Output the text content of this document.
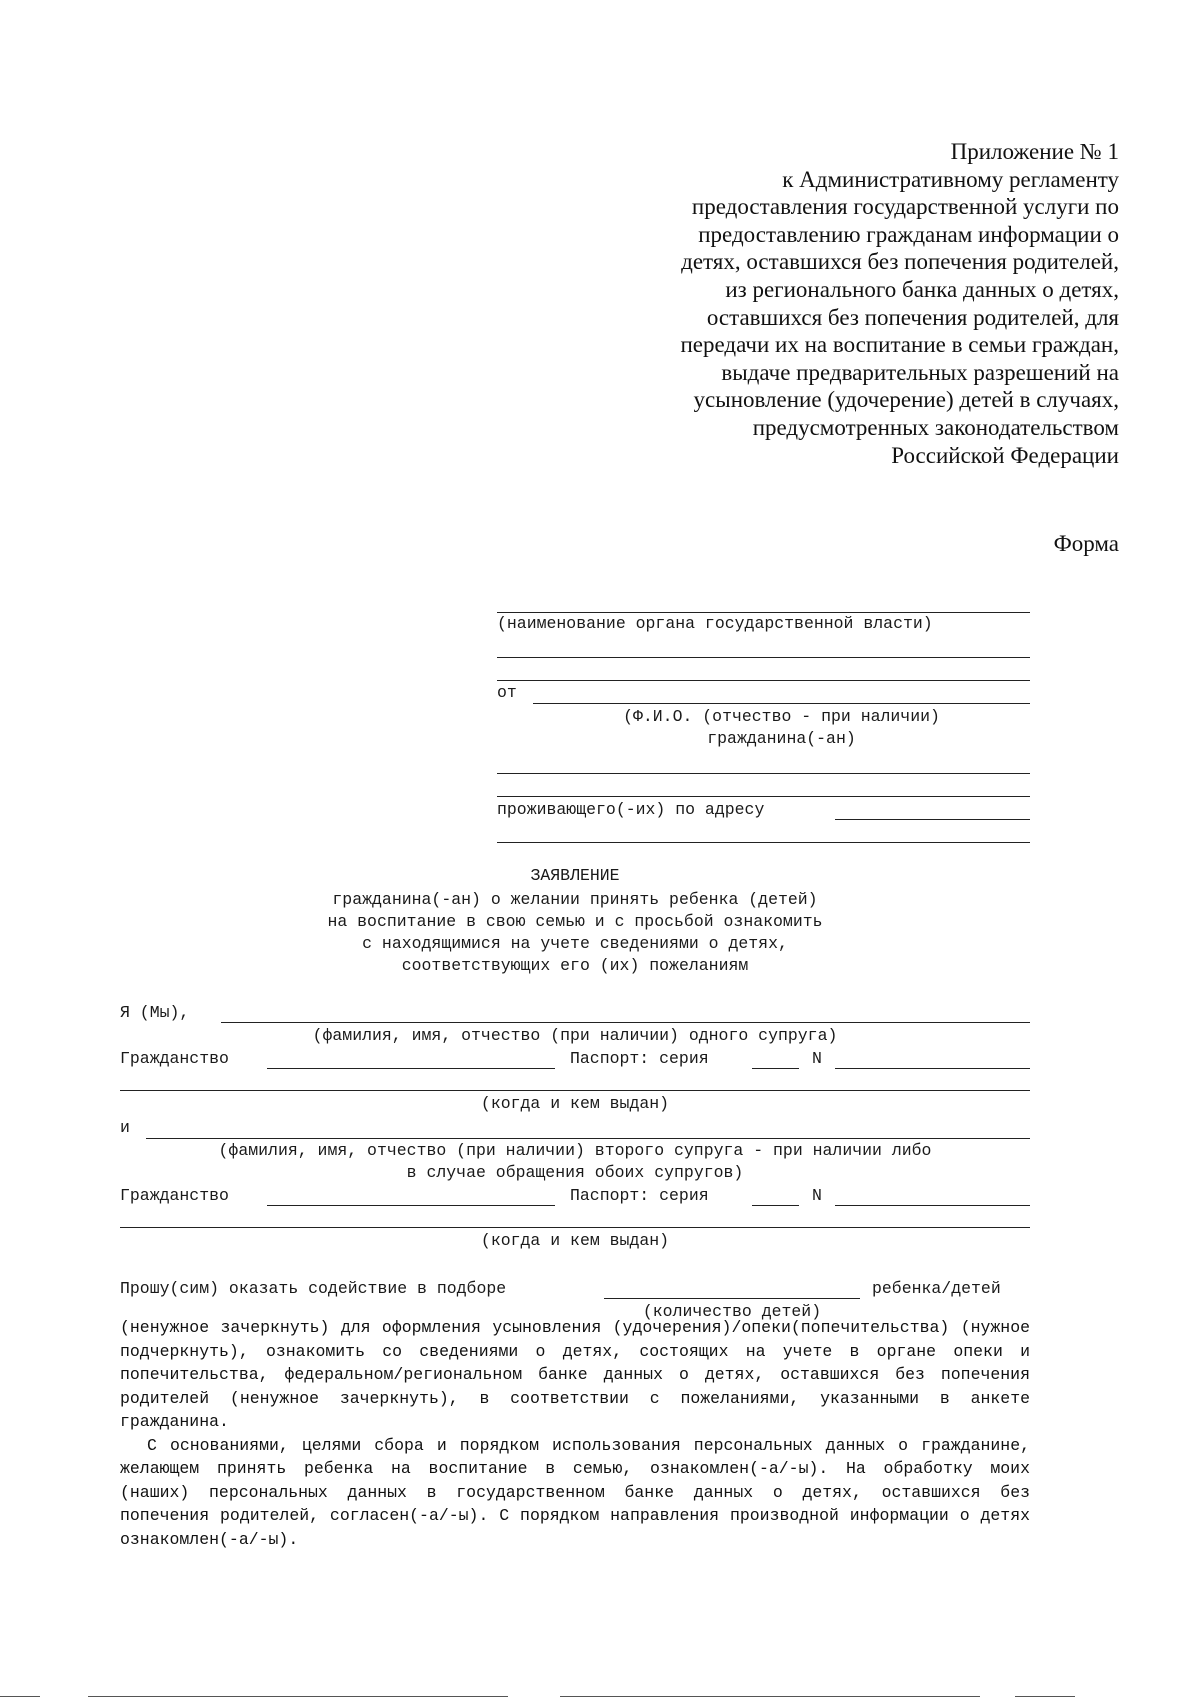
Приложение № 1
к Административному регламенту
предоставления государственной услуги по
предоставлению гражданам информации о
детях, оставшихся без попечения родителей,
из регионального банка данных о детях,
оставшихся без попечения родителей, для
передачи их на воспитание в семьи граждан,
выдаче предварительных разрешений на
усыновление (удочерение) детей в случаях,
предусмотренных законодательством
Российской Федерации
Форма
(наименование органа государственной власти)
от
(Ф.И.О. (отчество - при наличии)
гражданина(-ан)
проживающего(-их) по адресу
ЗАЯВЛЕНИЕ
гражданина(-ан) о желании принять ребенка (детей)
на воспитание в свою семью и с просьбой ознакомить
с находящимися на учете сведениями о детях,
соответствующих его (их) пожеланиям
Я (Мы),
(фамилия, имя, отчество (при наличии) одного супруга)
Гражданство	Паспорт: серия	N
(когда и кем выдан)
и
(фамилия, имя, отчество (при наличии) второго супруга - при наличии либо
в случае обращения обоих супругов)
Гражданство	Паспорт: серия	N
(когда и кем выдан)
Прошу(сим) оказать содействие в подборе	ребенка/детей
(количество детей)

(ненужное зачеркнуть) для оформления усыновления (удочерения)/опеки(попечительства) (нужное подчеркнуть), ознакомить со сведениями о детях, состоящих на учете в органе опеки и попечительства, федеральном/региональном банке данных о детях, оставшихся без попечения родителей (ненужное зачеркнуть), в соответствии с пожеланиями, указанными в анкете гражданина.

С основаниями, целями сбора и порядком использования персональных данных о гражданине, желающем принять ребенка на воспитание в семью, ознакомлен(-а/-ы). На обработку моих (наших) персональных данных в государственном банке данных о детях, оставшихся без попечения родителей, согласен(-а/-ы). С порядком направления производной информации о детях ознакомлен(-а/-ы).
